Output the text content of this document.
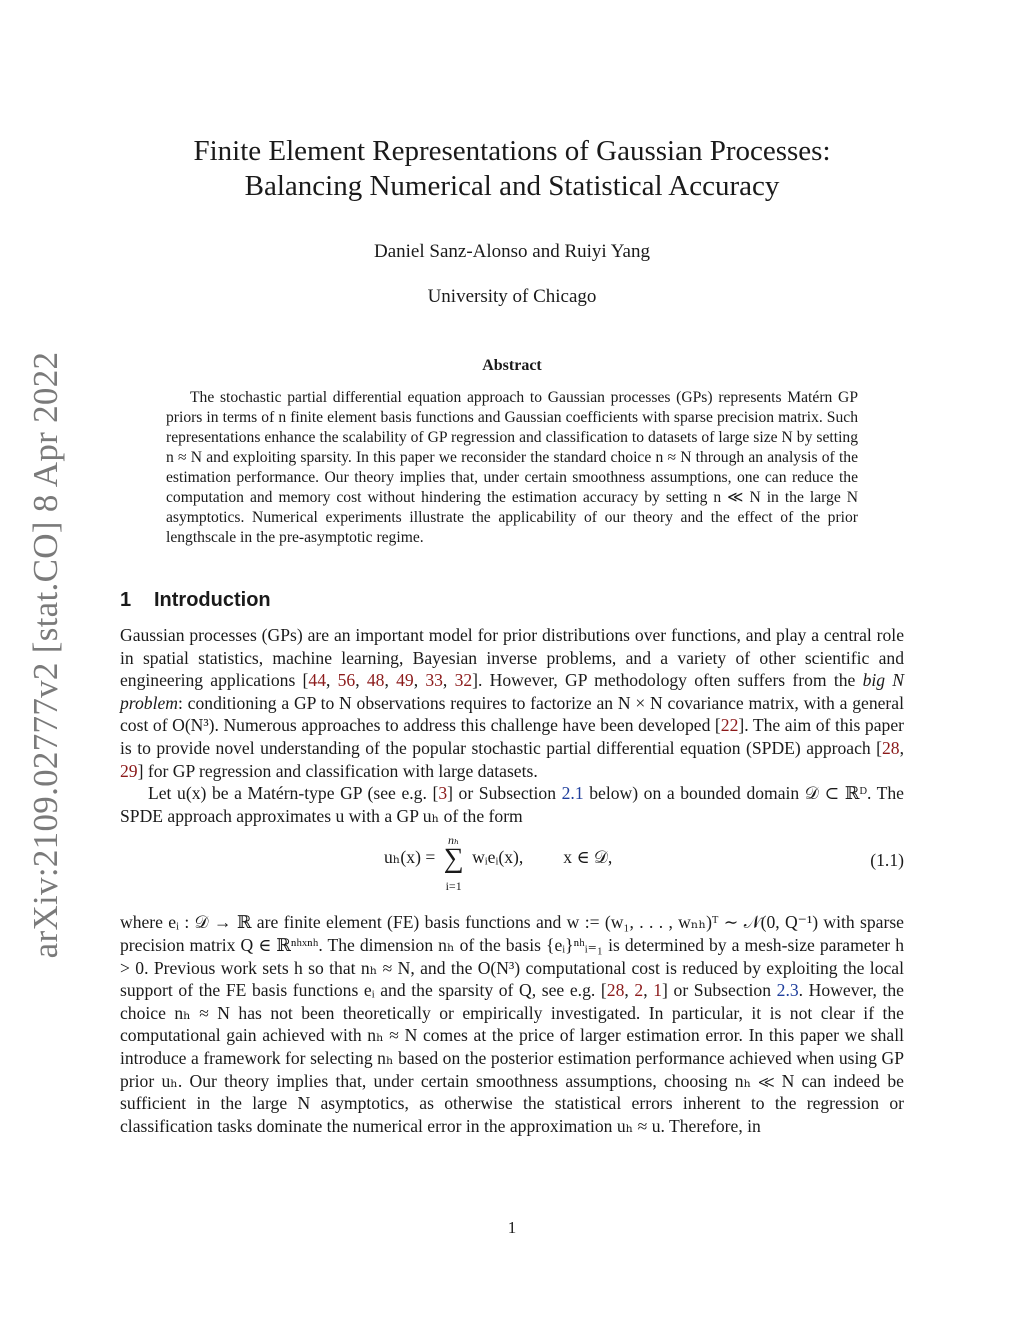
arXiv:2109.02777v2 [stat.CO] 8 Apr 2022
Finite Element Representations of Gaussian Processes:
Balancing Numerical and Statistical Accuracy
Daniel Sanz-Alonso and Ruiyi Yang
University of Chicago
Abstract

The stochastic partial differential equation approach to Gaussian processes (GPs) represents Matérn GP priors in terms of n finite element basis functions and Gaussian coefficients with sparse precision matrix. Such representations enhance the scalability of GP regression and classification to datasets of large size N by setting n ≈ N and exploiting sparsity. In this paper we reconsider the standard choice n ≈ N through an analysis of the estimation performance. Our theory implies that, under certain smoothness assumptions, one can reduce the computation and memory cost without hindering the estimation accuracy by setting n ≪ N in the large N asymptotics. Numerical experiments illustrate the applicability of our theory and the effect of the prior lengthscale in the pre-asymptotic regime.

1 Introduction

Gaussian processes (GPs) are an important model for prior distributions over functions, and play a central role in spatial statistics, machine learning, Bayesian inverse problems, and a variety of other scientific and engineering applications [44, 56, 48, 49, 33, 32]. However, GP methodology often suffers from the big N problem: conditioning a GP to N observations requires to factorize an N × N covariance matrix, with a general cost of O(N³). Numerous approaches to address this challenge have been developed [22]. The aim of this paper is to provide novel understanding of the popular stochastic partial differential equation (SPDE) approach [28, 29] for GP regression and classification with large datasets.

Let u(x) be a Matérn-type GP (see e.g. [3] or Subsection 2.1 below) on a bounded domain 𝒟 ⊂ ℝᴰ. The SPDE approach approximates u with a GP uₕ of the form

uₕ(x) =
nₕ
∑
i=1
wᵢeᵢ(x), x ∈ 𝒟,	(1.1)

where eᵢ : 𝒟 → ℝ are finite element (FE) basis functions and w := (w₁, . . . , wₙₕ)ᵀ ∼ 𝒩(0, Q⁻¹) with sparse precision matrix Q ∈ ℝⁿʰˣⁿʰ. The dimension nₕ of the basis {eᵢ}ⁿʰᵢ₌₁ is determined by a mesh-size parameter h > 0. Previous work sets h so that nₕ ≈ N, and the O(N³) computational cost is reduced by exploiting the local support of the FE basis functions eᵢ and the sparsity of Q, see e.g. [28, 2, 1] or Subsection 2.3. However, the choice nₕ ≈ N has not been theoretically or empirically investigated. In particular, it is not clear if the computational gain achieved with nₕ ≈ N comes at the price of larger estimation error. In this paper we shall introduce a framework for selecting nₕ based on the posterior estimation performance achieved when using GP prior uₕ. Our theory implies that, under certain smoothness assumptions, choosing nₕ ≪ N can indeed be sufficient in the large N asymptotics, as otherwise the statistical errors inherent to the regression or classification tasks dominate the numerical error in the approximation uₕ ≈ u. Therefore, in

1
